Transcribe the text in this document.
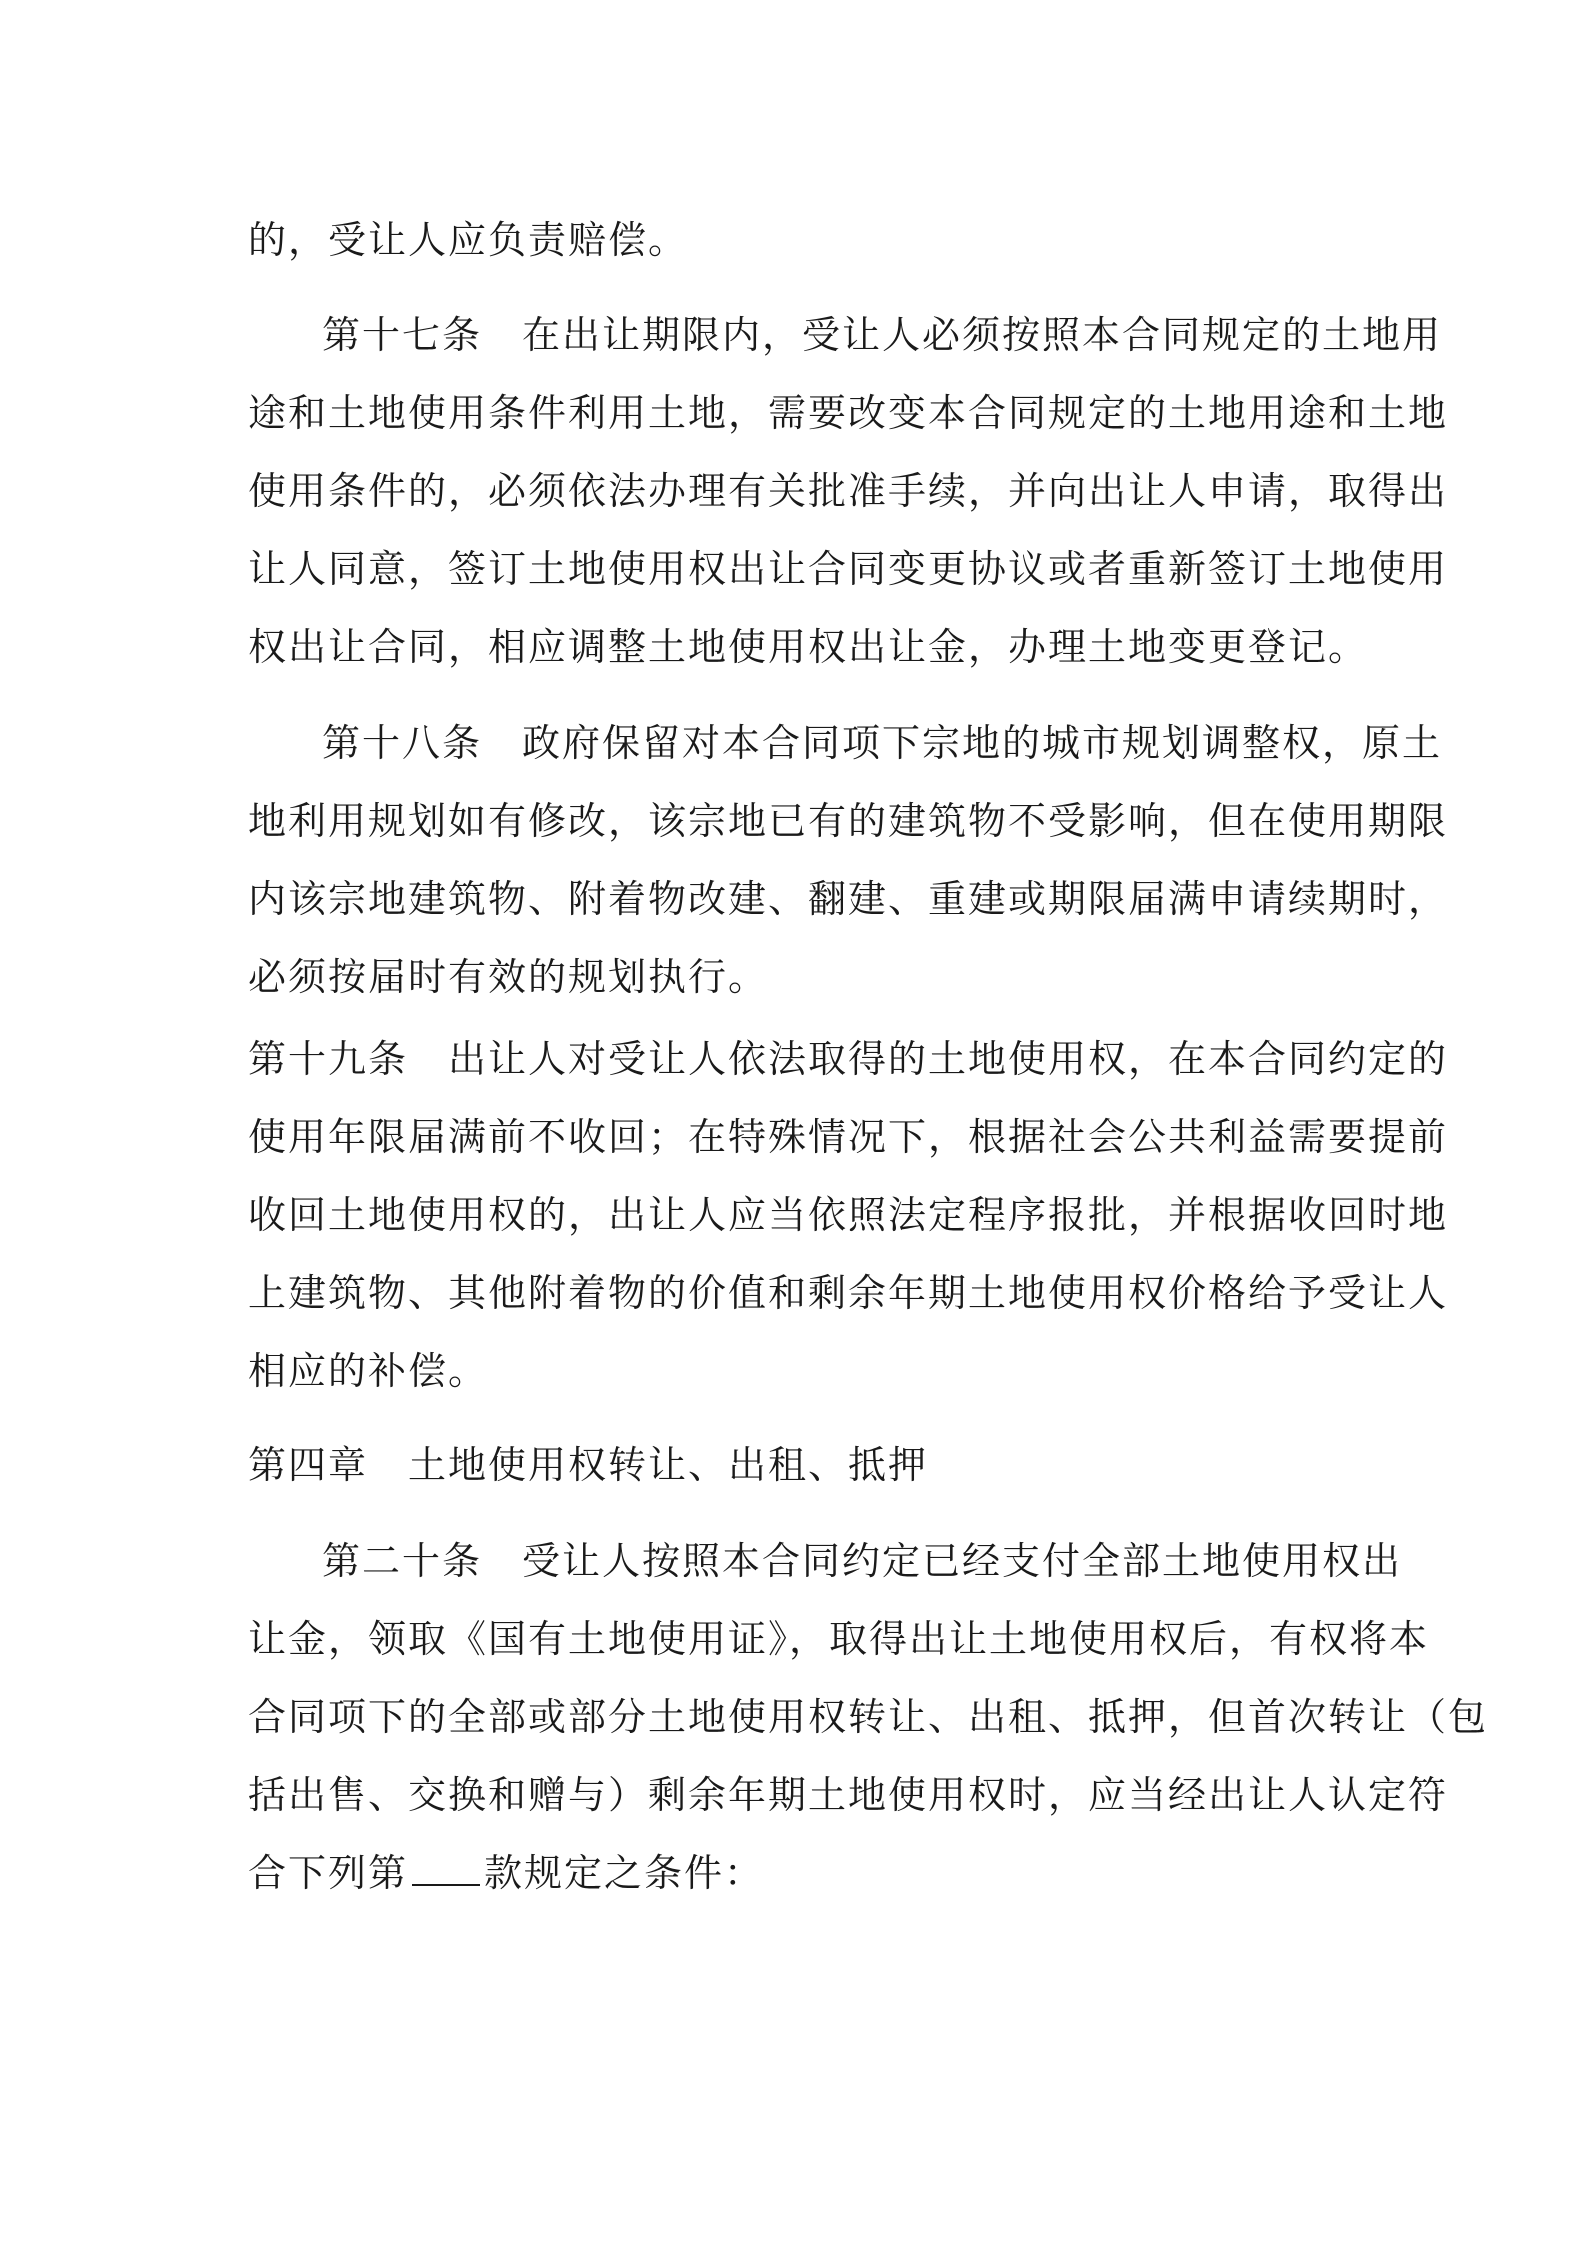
的，受让人应负责赔偿。
第十七条　在出让期限内，受让人必须按照本合同规定的土地用
途和土地使用条件利用土地，需要改变本合同规定的土地用途和土地
使用条件的，必须依法办理有关批准手续，并向出让人申请，取得出
让人同意，签订土地使用权出让合同变更协议或者重新签订土地使用
权出让合同，相应调整土地使用权出让金，办理土地变更登记。
第十八条　政府保留对本合同项下宗地的城市规划调整权，原土
地利用规划如有修改，该宗地已有的建筑物不受影响，但在使用期限
内该宗地建筑物、附着物改建、翻建、重建或期限届满申请续期时，
必须按届时有效的规划执行。
第十九条　出让人对受让人依法取得的土地使用权，在本合同约定的
使用年限届满前不收回；在特殊情况下，根据社会公共利益需要提前
收回土地使用权的，出让人应当依照法定程序报批，并根据收回时地
上建筑物、其他附着物的价值和剩余年期土地使用权价格给予受让人
相应的补偿。
第四章　土地使用权转让、出租、抵押
第二十条　受让人按照本合同约定已经支付全部土地使用权出
让金，领取《国有土地使用证》，取得出让土地使用权后，有权将本
合同项下的全部或部分土地使用权转让、出租、抵押，但首次转让（包
括出售、交换和赠与）剩余年期土地使用权时，应当经出让人认定符
合下列第 款规定之条件：
